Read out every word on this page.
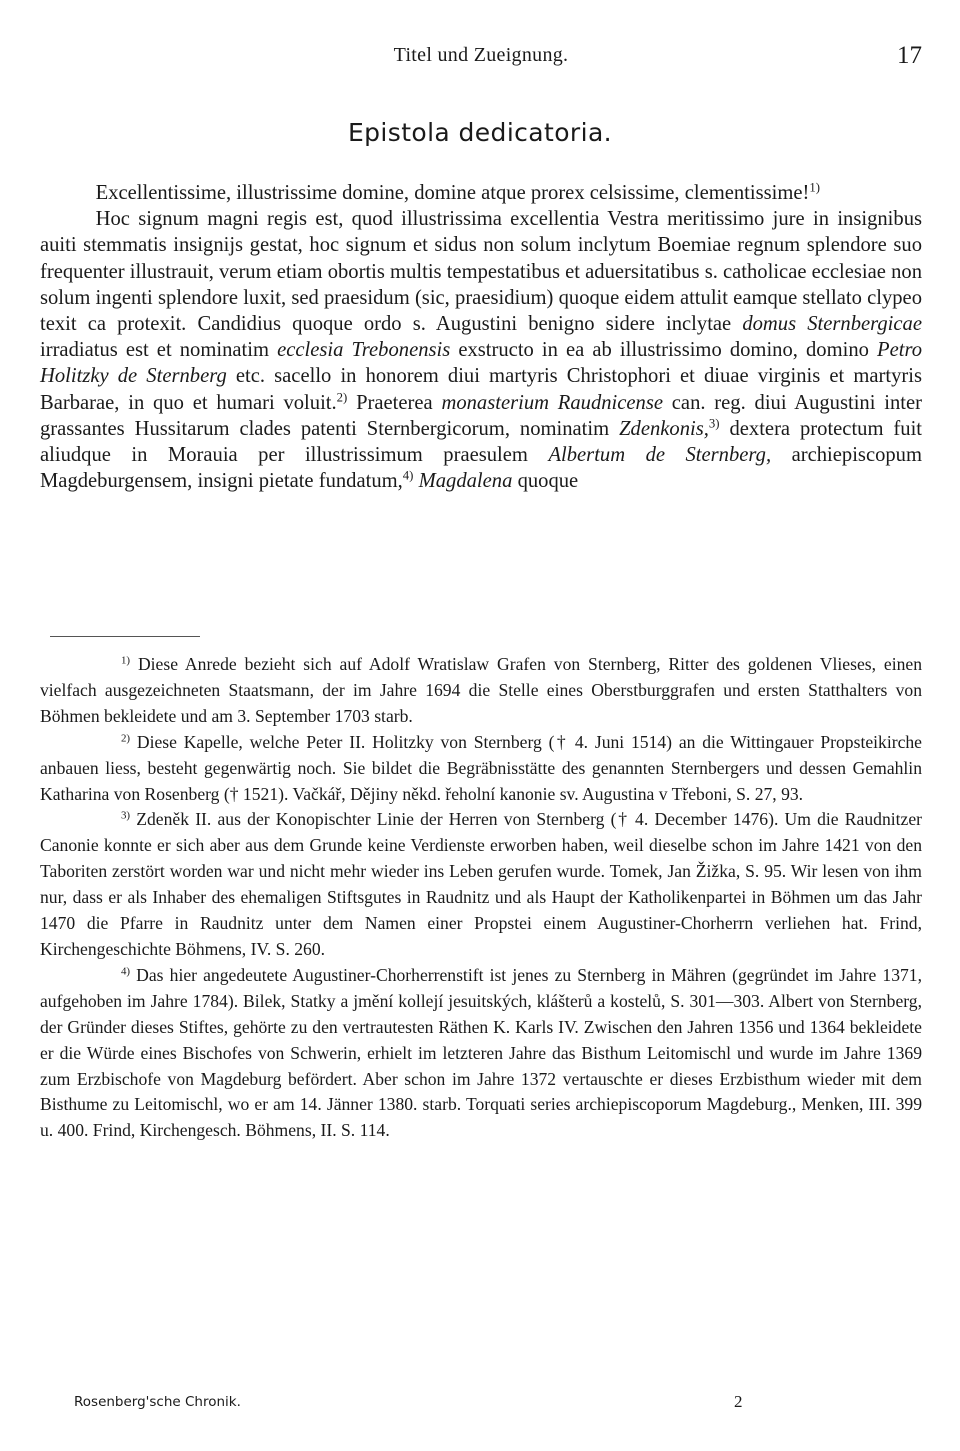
Titel und Zueignung.	17
Epistola dedicatoria.

Excellentissime, illustrissime domine, domine atque prorex celsissime, clementissime!$^{1)}$

Hoc signum magni regis est, quod illustrissima excellentia Vestra meritissimo jure in insignibus auiti stemmatis insignijs gestat, hoc signum et sidus non solum inclytum Boemiae regnum splendore suo frequenter illustrauit, verum etiam obortis multis tempestatibus et aduersitatibus s. catholicae ecclesiae non solum ingenti splendore luxit, sed praesidum (sic, praesidium) quoque eidem attulit eamque stellato clypeo texit ca protexit. Candidius quoque ordo s. Augustini benigno sidere inclytae domus Sternbergicae irradiatus est et nominatim ecclesia Trebonensis exstructo in ea ab illustrissimo domino, domino Petro Holitzky de Sternberg etc. sacello in honorem diui martyris Christophori et diuae virginis et martyris Barbarae, in quo et humari voluit.$^{2)}$ Praeterea monasterium Raudnicense can. reg. diui Augustini inter grassantes Hussitarum clades patenti Sternbergicorum, nominatim Zdenkonis,$^{3)}$ dextera protectum fuit aliudque in Morauia per illustrissimum praesulem Albertum de Sternberg, archiepiscopum Magdeburgensem, insigni pietate fundatum,$^{4)}$ Magdalena quoque

$^{1)}$ Diese Anrede bezieht sich auf Adolf Wratislaw Grafen von Sternberg, Ritter des goldenen Vlieses, einen vielfach ausgezeichneten Staatsmann, der im Jahre 1694 die Stelle eines Oberstburggrafen und ersten Statthalters von Böhmen bekleidete und am 3. September 1703 starb.

$^{2)}$ Diese Kapelle, welche Peter II. Holitzky von Sternberg († 4. Juni 1514) an die Wittingauer Propsteikirche anbauen liess, besteht gegenwärtig noch. Sie bildet die Begräbnisstätte des genannten Sternbergers und dessen Gemahlin Katharina von Rosenberg († 1521). Vačkář, Dějiny někd. řeholní kanonie sv. Augustina v Třeboni, S. 27, 93.

$^{3)}$ Zdeněk II. aus der Konopischter Linie der Herren von Sternberg († 4. December 1476). Um die Raudnitzer Canonie konnte er sich aber aus dem Grunde keine Verdienste erworben haben, weil dieselbe schon im Jahre 1421 von den Taboriten zerstört worden war und nicht mehr wieder ins Leben gerufen wurde. Tomek, Jan Žižka, S. 95. Wir lesen von ihm nur, dass er als Inhaber des ehemaligen Stiftsgutes in Raudnitz und als Haupt der Katholikenpartei in Böhmen um das Jahr 1470 die Pfarre in Raudnitz unter dem Namen einer Propstei einem Augustiner-Chorherrn verliehen hat. Frind, Kirchengeschichte Böhmens, IV. S. 260.

$^{4)}$ Das hier angedeutete Augustiner-Chorherrenstift ist jenes zu Sternberg in Mähren (gegründet im Jahre 1371, aufgehoben im Jahre 1784). Bilek, Statky a jmění kollejí jesuitských, klášterů a kostelů, S. 301—303. Albert von Sternberg, der Gründer dieses Stiftes, gehörte zu den vertrautesten Räthen K. Karls IV. Zwischen den Jahren 1356 und 1364 bekleidete er die Würde eines Bischofes von Schwerin, erhielt im letzteren Jahre das Bisthum Leitomischl und wurde im Jahre 1369 zum Erzbischofe von Magdeburg befördert. Aber schon im Jahre 1372 vertauschte er dieses Erzbisthum wieder mit dem Bisthume zu Leitomischl, wo er am 14. Jänner 1380. starb. Torquati series archiepiscoporum Magdeburg., Menken, III. 399 u. 400. Frind, Kirchengesch. Böhmens, II. S. 114.

Rosenberg'sche Chronik.	2
